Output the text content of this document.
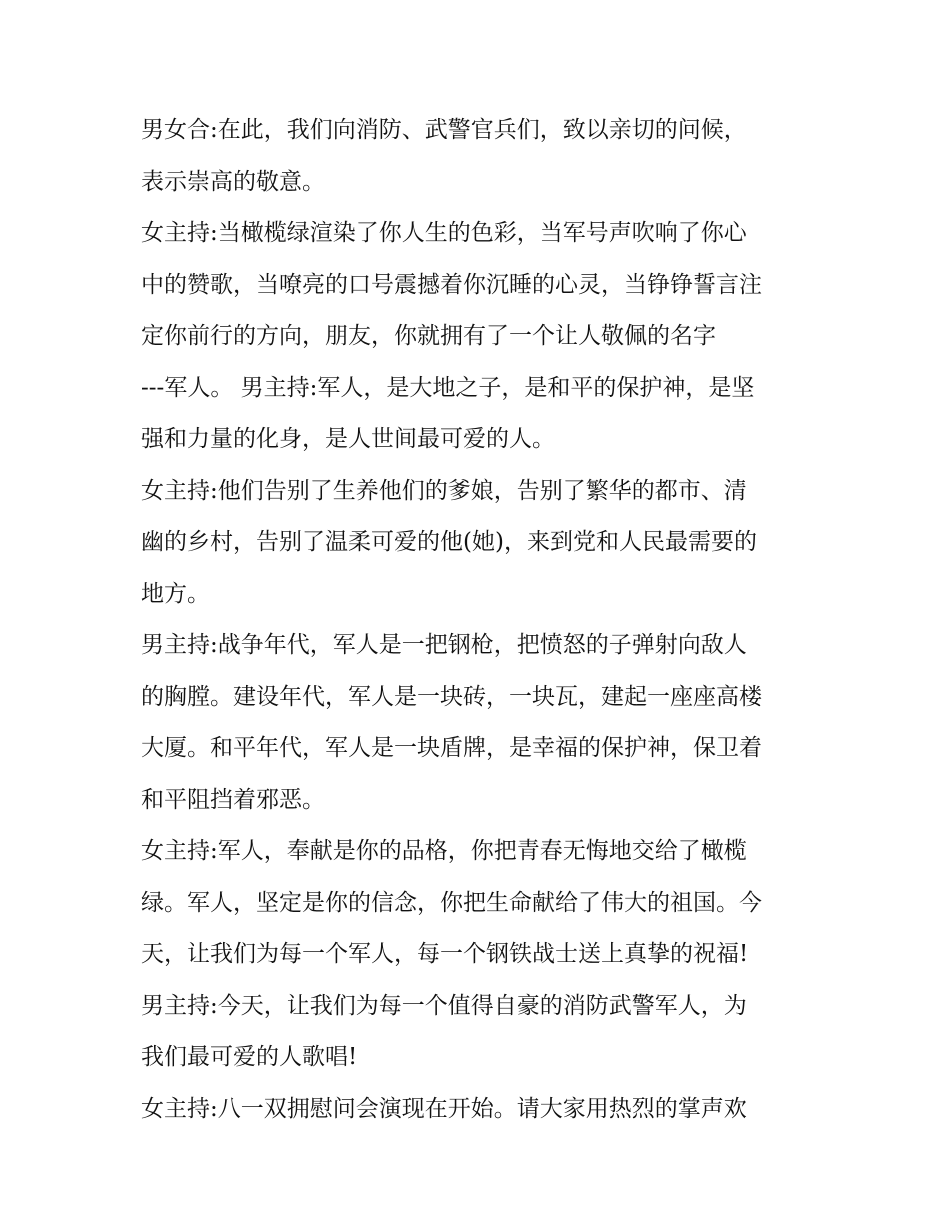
男女合:在此，我们向消防、武警官兵们，致以亲切的问候，
表示崇高的敬意。
女主持:当橄榄绿渲染了你人生的色彩，当军号声吹响了你心
中的赞歌，当嘹亮的口号震撼着你沉睡的心灵，当铮铮誓言注
定你前行的方向，朋友，你就拥有了一个让人敬佩的名字
---军人。 男主持:军人，是大地之子，是和平的保护神，是坚
强和力量的化身，是人世间最可爱的人。
女主持:他们告别了生养他们的爹娘，告别了繁华的都市、清
幽的乡村，告别了温柔可爱的他(她)，来到党和人民最需要的
地方。
男主持:战争年代，军人是一把钢枪，把愤怒的子弹射向敌人
的胸膛。建设年代，军人是一块砖，一块瓦，建起一座座高楼
大厦。和平年代，军人是一块盾牌，是幸福的保护神，保卫着
和平阻挡着邪恶。
女主持:军人，奉献是你的品格，你把青春无悔地交给了橄榄
绿。军人，坚定是你的信念，你把生命献给了伟大的祖国。今
天，让我们为每一个军人，每一个钢铁战士送上真挚的祝福!
男主持:今天，让我们为每一个值得自豪的消防武警军人，为
我们最可爱的人歌唱!
女主持:八一双拥慰问会演现在开始。请大家用热烈的掌声欢
